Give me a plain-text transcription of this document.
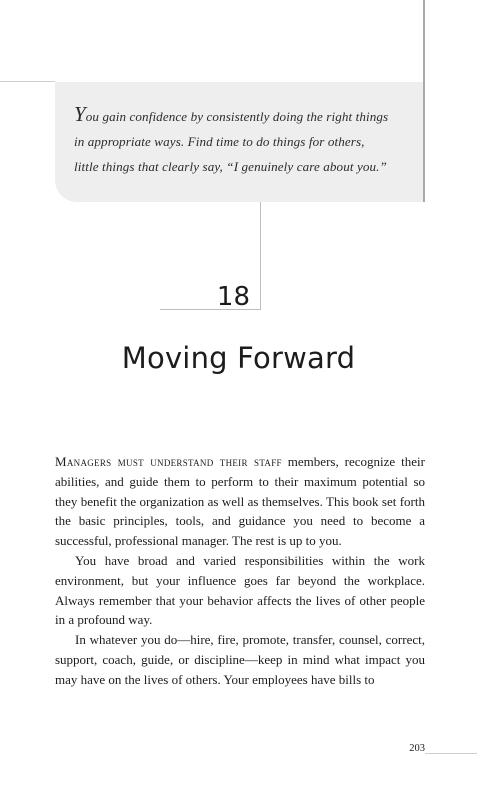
You gain confidence by consistently doing the right things
in appropriate ways. Find time to do things for others,
little things that clearly say, “I genuinely care about you.”

18
Moving Forward

Managers must understand their staff members, recognize their abilities, and guide them to perform to their maximum potential so they benefit the organization as well as themselves. This book set forth the basic principles, tools, and guidance you need to become a successful, professional manager. The rest is up to you.

You have broad and varied responsibilities within the work environment, but your influence goes far beyond the workplace. Always remember that your behavior affects the lives of other people in a profound way.

In whatever you do—hire, fire, promote, transfer, counsel, correct, support, coach, guide, or discipline—keep in mind what impact you may have on the lives of others. Your employees have bills to

203
